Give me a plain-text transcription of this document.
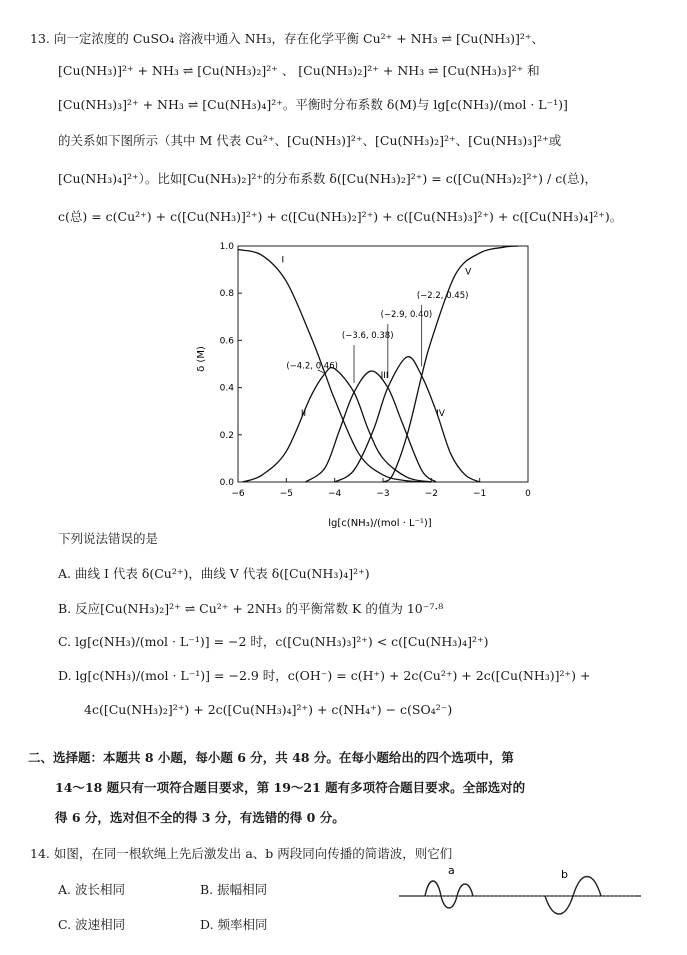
13. 向一定浓度的 CuSO₄ 溶液中通入 NH₃，存在化学平衡 Cu²⁺ + NH₃ ⇌ [Cu(NH₃)]²⁺、
[Cu(NH₃)]²⁺ + NH₃ ⇌ [Cu(NH₃)₂]²⁺ 、 [Cu(NH₃)₂]²⁺ + NH₃ ⇌ [Cu(NH₃)₃]²⁺ 和
[Cu(NH₃)₃]²⁺ + NH₃ ⇌ [Cu(NH₃)₄]²⁺。平衡时分布系数 δ(M)与 lg[c(NH₃)/(mol · L⁻¹)]
的关系如下图所示（其中 M 代表 Cu²⁺、[Cu(NH₃)]²⁺、[Cu(NH₃)₂]²⁺、[Cu(NH₃)₃]²⁺或
[Cu(NH₃)₄]²⁺）。比如[Cu(NH₃)₂]²⁺的分布系数 δ([Cu(NH₃)₂]²⁺) = c([Cu(NH₃)₂]²⁺) / c(总)，
c(总) = c(Cu²⁺) + c([Cu(NH₃)]²⁺) + c([Cu(NH₃)₂]²⁺) + c([Cu(NH₃)₃]²⁺) + c([Cu(NH₃)₄]²⁺)。
−6	−5	−4	−3	−2	−1	0
0.0
0.2
0.4
0.6
0.8
1.0
I
II
III
IV
V
(−4.2, 0.46)
(−3.6, 0.38)
(−2.9, 0.40)
(−2.2, 0.45)
δ (M)
lg[c(NH₃)/(mol · L⁻¹)]
下列说法错误的是
A. 曲线 I 代表 δ(Cu²⁺)，曲线 V 代表 δ([Cu(NH₃)₄]²⁺)
B. 反应[Cu(NH₃)₂]²⁺ ⇌ Cu²⁺ + 2NH₃ 的平衡常数 K 的值为 10⁻⁷·⁸
C. lg[c(NH₃)/(mol · L⁻¹)] = −2 时，c([Cu(NH₃)₃]²⁺) < c([Cu(NH₃)₄]²⁺)
D. lg[c(NH₃)/(mol · L⁻¹)] = −2.9 时，c(OH⁻) = c(H⁺) + 2c(Cu²⁺) + 2c([Cu(NH₃)]²⁺) +
4c([Cu(NH₃)₂]²⁺) + 2c([Cu(NH₃)₄]²⁺) + c(NH₄⁺) − c(SO₄²⁻)
二、选择题：本题共 8 小题，每小题 6 分，共 48 分。在每小题给出的四个选项中，第
14～18 题只有一项符合题目要求，第 19～21 题有多项符合题目要求。全部选对的
得 6 分，选对但不全的得 3 分，有选错的得 0 分。
14. 如图，在同一根软绳上先后激发出 a、b 两段同向传播的简谐波，则它们
A. 波长相同	B. 振幅相同
C. 波速相同	D. 频率相同
a	b
